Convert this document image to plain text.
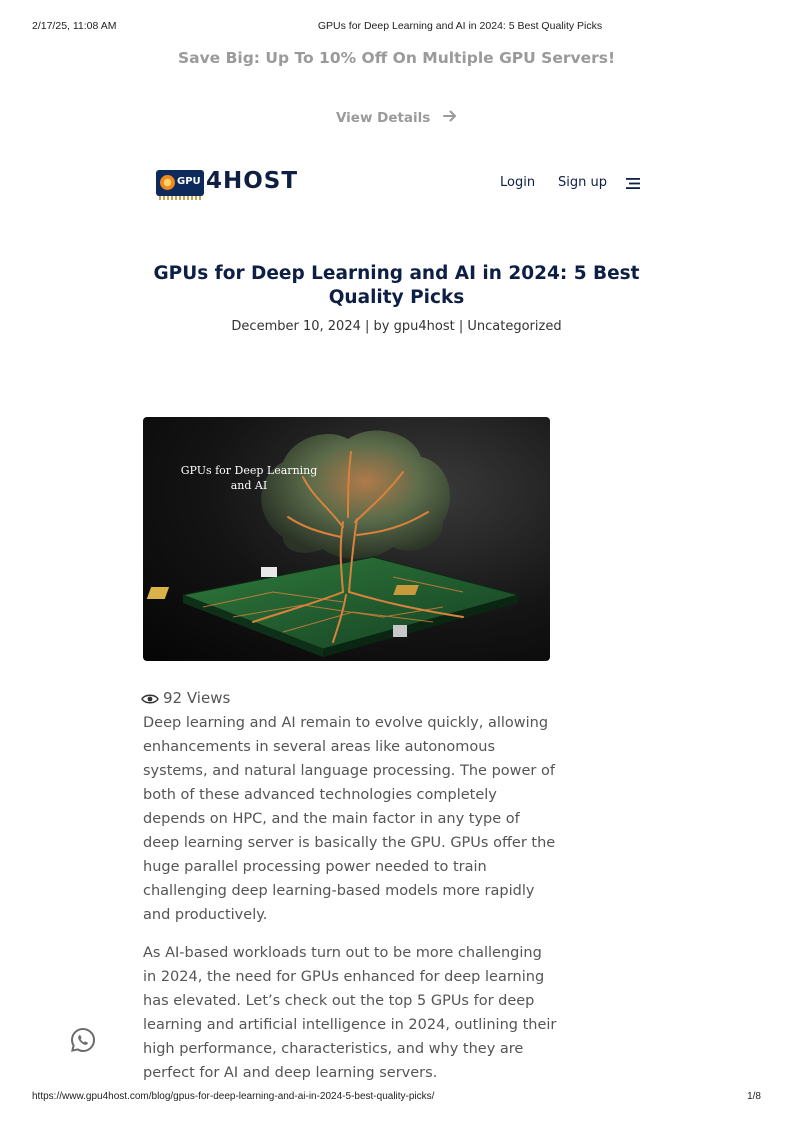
2/17/25, 11:08 AM	GPUs for Deep Learning and AI in 2024: 5 Best Quality Picks
Save Big: Up To 10% Off On Multiple GPU Servers!
View Details
GPU 4HOST	Login Sign up
GPUs for Deep Learning and AI in 2024: 5 Best Quality Picks
December 10, 2024 | by gpu4host | Uncategorized
GPUs for Deep Learning
and AI
92 Views

Deep learning and AI remain to evolve quickly, allowing enhancements in several areas like autonomous systems, and natural language processing. The power of both of these advanced technologies completely depends on HPC, and the main factor in any type of deep learning server is basically the GPU. GPUs offer the huge parallel processing power needed to train challenging deep learning-based models more rapidly and productively.

As AI-based workloads turn out to be more challenging in 2024, the need for GPUs enhanced for deep learning has elevated. Let’s check out the top 5 GPUs for deep learning and artificial intelligence in 2024, outlining their high performance, characteristics, and why they are perfect for AI and deep learning servers.

https://www.gpu4host.com/blog/gpus-for-deep-learning-and-ai-in-2024-5-best-quality-picks/	1/8
